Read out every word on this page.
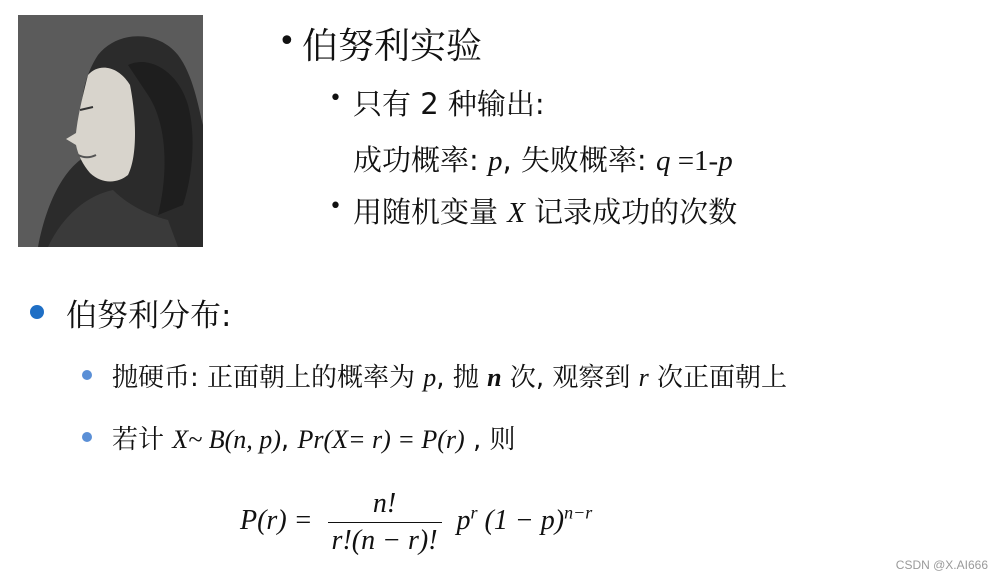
• 伯努利实验
• 只有 2 种输出:
成功概率: p, 失败概率: q =1-p
• 用随机变量 X 记录成功的次数
伯努利分布:
抛硬币: 正面朝上的概率为 p, 抛 n 次, 观察到 r 次正面朝上
若计 X~ B(n, p), Pr(X= r) = P(r) , 则
$P(r) = \frac{n!}{r!(n - r)!} p^r$ $(1 - p)^{n-r}$
CSDN @X.AI666
